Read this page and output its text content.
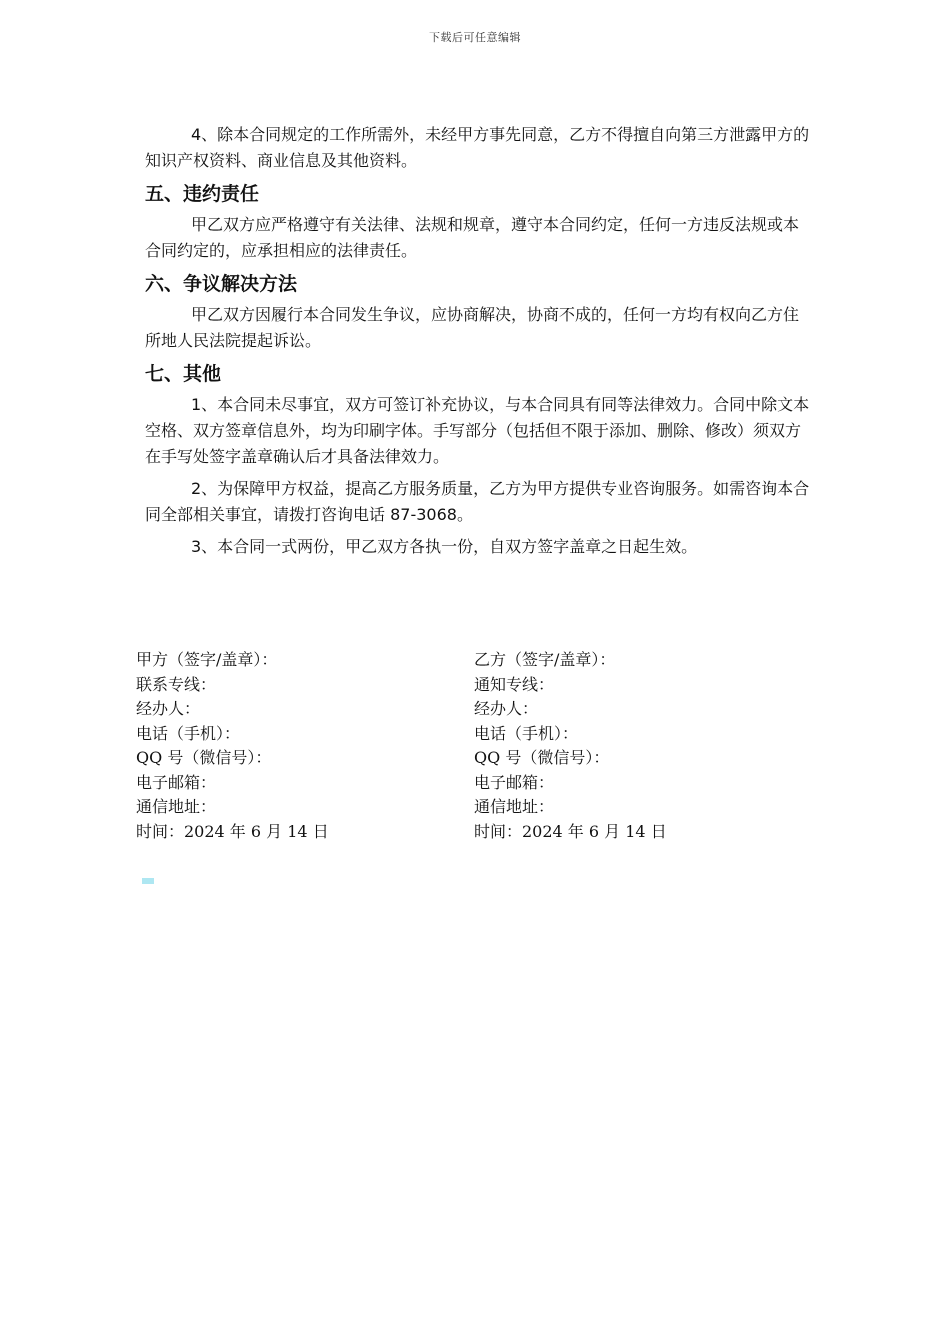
下载后可任意编辑

4、除本合同规定的工作所需外，未经甲方事先同意，乙方不得擅自向第三方泄露甲方的知识产权资料、商业信息及其他资料。

五、违约责任

甲乙双方应严格遵守有关法律、法规和规章，遵守本合同约定，任何一方违反法规或本合同约定的，应承担相应的法律责任。

六、争议解决方法

甲乙双方因履行本合同发生争议，应协商解决，协商不成的，任何一方均有权向乙方住所地人民法院提起诉讼。

七、其他

1、本合同未尽事宜，双方可签订补充协议，与本合同具有同等法律效力。合同中除文本空格、双方签章信息外，均为印刷字体。手写部分（包括但不限于添加、删除、修改）须双方在手写处签字盖章确认后才具备法律效力。

2、为保障甲方权益，提高乙方服务质量，乙方为甲方提供专业咨询服务。如需咨询本合同全部相关事宜，请拨打咨询电话 87-3068。

3、本合同一式两份，甲乙双方各执一份，自双方签字盖章之日起生效。

甲方（签字/盖章）：
联系专线：
经办人：
电话（手机）：
QQ 号（微信号）：
电子邮箱：
通信地址：
时间：2024 年 6 月 14 日
乙方（签字/盖章）：
通知专线：
经办人：
电话（手机）：
QQ 号（微信号）：
电子邮箱：
通信地址：
时间：2024 年 6 月 14 日
